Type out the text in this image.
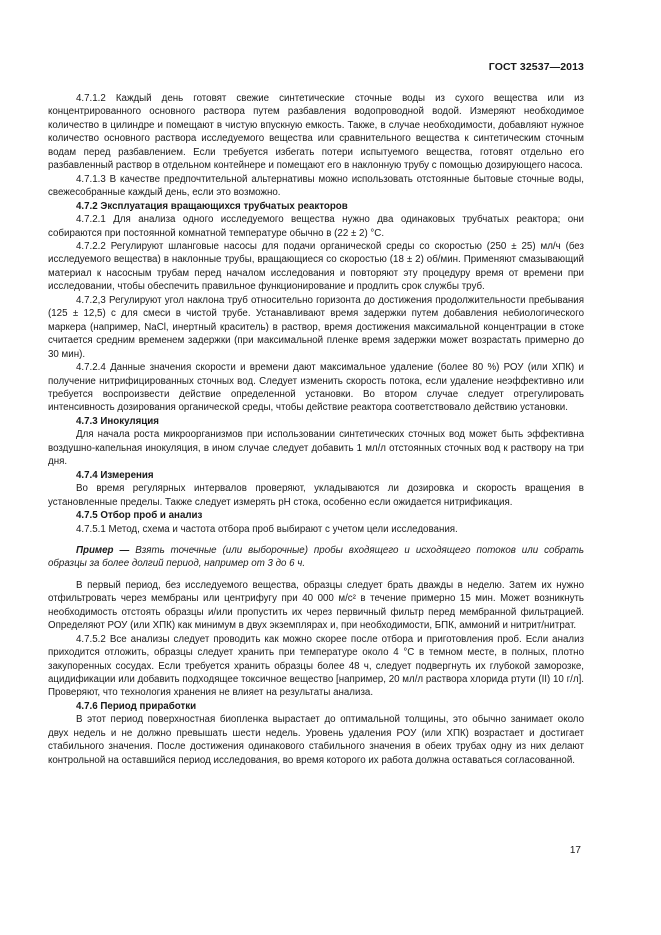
ГОСТ 32537—2013

4.7.1.2 Каждый день готовят свежие синтетические сточные воды из сухого вещества или из концентрированного основного раствора путем разбавления водопроводной водой. Измеряют необходимое количество в цилиндре и помещают в чистую впускную емкость. Также, в случае необходимости, добавляют нужное количество основного раствора исследуемого вещества или сравнительного вещества к синтетическим сточным водам перед разбавлением. Если требуется избегать потери испытуемого вещества, готовят отдельно его разбавленный раствор в отдельном контейнере и помещают его в наклонную трубу с помощью дозирующего насоса.

4.7.1.3 В качестве предпочтительной альтернативы можно использовать отстоянные бытовые сточные воды, свежесобранные каждый день, если это возможно.

4.7.2 Эксплуатация вращающихся трубчатых реакторов

4.7.2.1 Для анализа одного исследуемого вещества нужно два одинаковых трубчатых реактора; они собираются при постоянной комнатной температуре обычно в (22 ± 2) °С.

4.7.2.2 Регулируют шланговые насосы для подачи органической среды со скоростью (250 ± 25) мл/ч (без исследуемого вещества) в наклонные трубы, вращающиеся со скоростью (18 ± 2) об/мин. Применяют смазывающий материал к насосным трубам перед началом исследования и повторяют эту процедуру время от времени при исследовании, чтобы обеспечить правильное функционирование и продлить срок службы труб.

4.7.2,3 Регулируют угол наклона труб относительно горизонта до достижения продолжительности пребывания (125 ± 12,5) с для смеси в чистой трубе. Устанавливают время задержки путем добавления небиологического маркера (например, NaCl, инертный краситель) в раствор, время достижения максимальной концентрации в стоке считается средним временем задержки (при максимальной пленке время задержки может возрастать примерно до 30 мин).

4.7.2.4 Данные значения скорости и времени дают максимальное удаление (более 80 %) РОУ (или ХПК) и получение нитрифицированных сточных вод. Следует изменить скорость потока, если удаление неэффективно или требуется воспроизвести действие определенной установки. Во втором случае следует отрегулировать интенсивность дозирования органической среды, чтобы действие реактора соответствовало действию установки.

4.7.3 Инокуляция

Для начала роста микроорганизмов при использовании синтетических сточных вод может быть эффективна воздушно-капельная инокуляция, в ином случае следует добавить 1 мл/л отстоянных сточных вод к раствору на три дня.

4.7.4 Измерения

Во время регулярных интервалов проверяют, укладываются ли дозировка и скорость вращения в установленные пределы. Также следует измерять рН стока, особенно если ожидается нитрификация.

4.7.5 Отбор проб и анализ

4.7.5.1 Метод, схема и частота отбора проб выбирают с учетом цели исследования.

Пример — Взять точечные (или выборочные) пробы входящего и исходящего потоков или собрать образцы за более долгий период, например от 3 до 6 ч.

В первый период, без исследуемого вещества, образцы следует брать дважды в неделю. Затем их нужно отфильтровать через мембраны или центрифугу при 40 000 м/с² в течение примерно 15 мин. Может возникнуть необходимость отстоять образцы и/или пропустить их через первичный фильтр перед мембранной фильтрацией. Определяют РОУ (или ХПК) как минимум в двух экземплярах и, при необходимости, БПК, аммоний и нитрит/нитрат.

4.7.5.2 Все анализы следует проводить как можно скорее после отбора и приготовления проб. Если анализ приходится отложить, образцы следует хранить при температуре около 4 °С в темном месте, в полных, плотно закупоренных сосудах. Если требуется хранить образцы более 48 ч, следует подвергнуть их глубокой заморозке, ацидификации или добавить подходящее токсичное вещество [например, 20 мл/л раствора хлорида ртути (II) 10 г/л]. Проверяют, что технология хранения не влияет на результаты анализа.

4.7.6 Период приработки

В этот период поверхностная биопленка вырастает до оптимальной толщины, это обычно занимает около двух недель и не должно превышать шести недель. Уровень удаления РОУ (или ХПК) возрастает и достигает стабильного значения. После достижения одинакового стабильного значения в обеих трубах одну из них делают контрольной на оставшийся период исследования, во время которого их работа должна оставаться согласованной.

17
